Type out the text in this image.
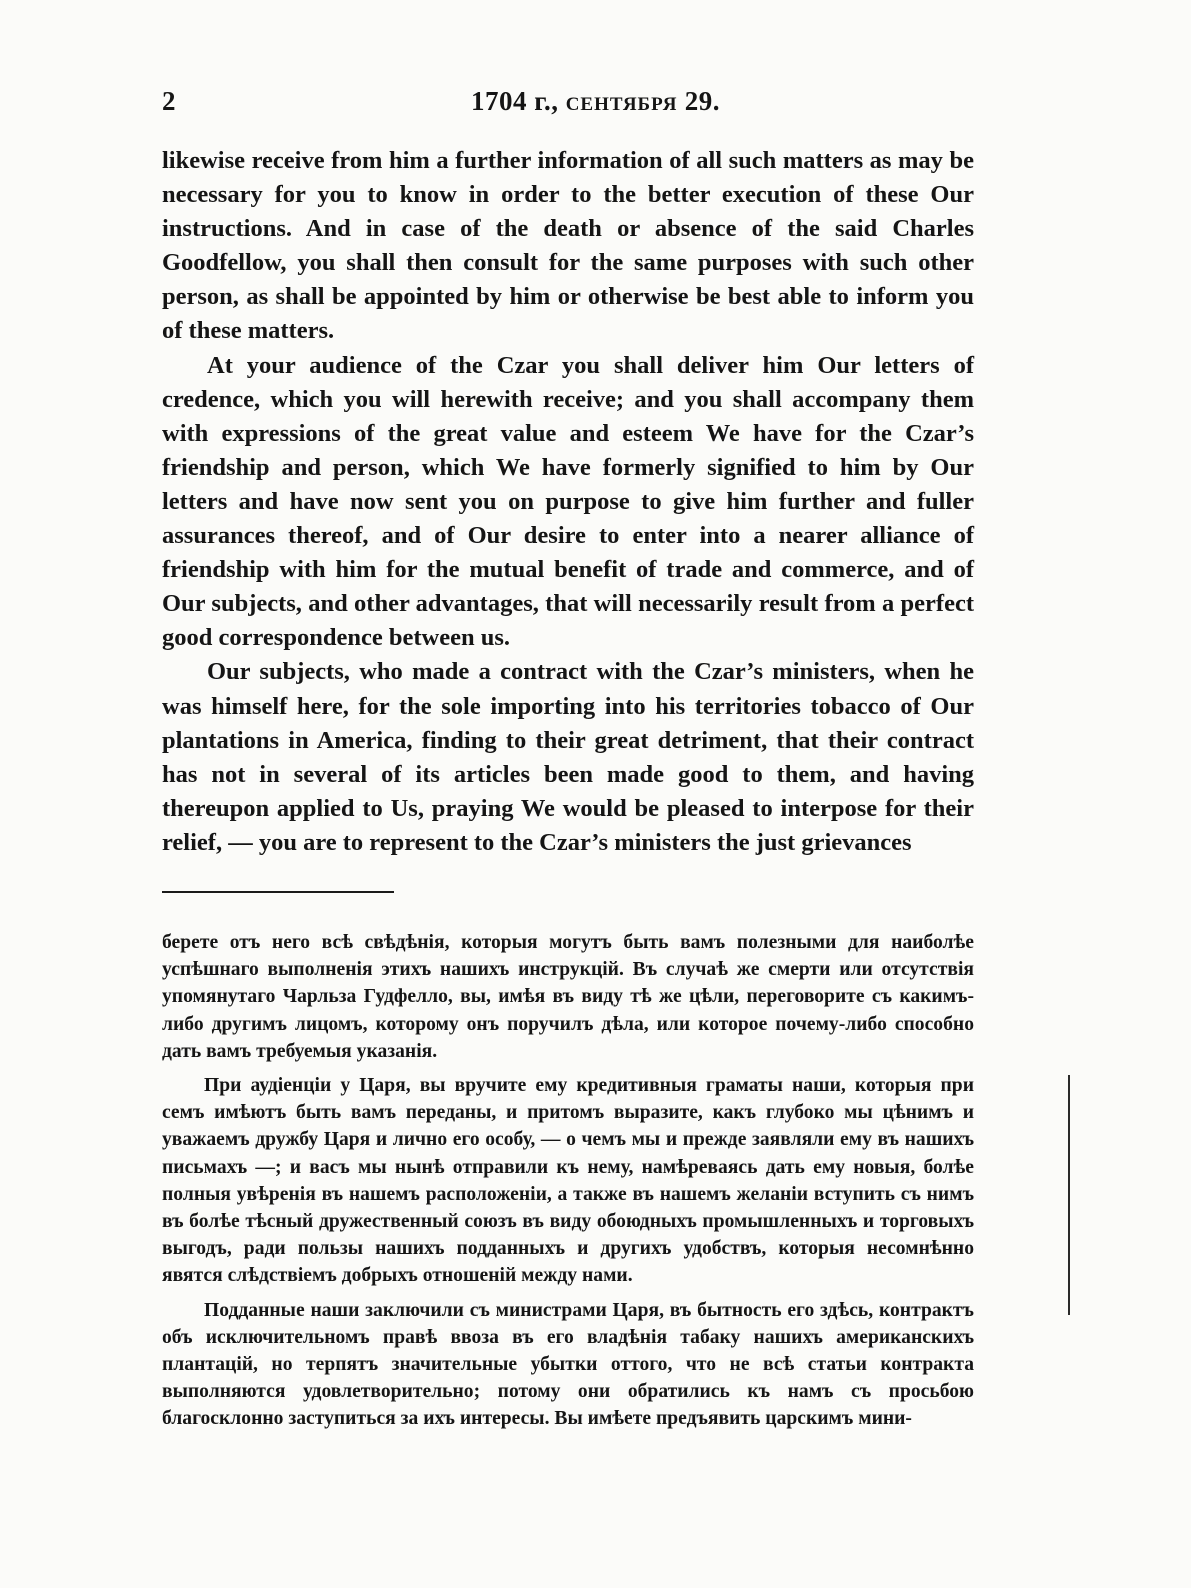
2	1704 г., сентября 29.

likewise receive from him a further information of all such matters as may be necessary for you to know in order to the better execution of these Our instructions. And in case of the death or absence of the said Charles Goodfellow, you shall then consult for the same purposes with such other person, as shall be appointed by him or otherwise be best able to inform you of these matters.

At your audience of the Czar you shall deliver him Our letters of credence, which you will herewith receive; and you shall accompany them with expressions of the great value and esteem We have for the Czar’s friendship and person, which We have formerly signified to him by Our letters and have now sent you on purpose to give him further and fuller assurances thereof, and of Our desire to enter into a nearer alliance of friendship with him for the mutual benefit of trade and commerce, and of Our subjects, and other advantages, that will necessarily result from a perfect good correspondence between us.

Our subjects, who made a contract with the Czar’s ministers, when he was himself here, for the sole importing into his territories tobacco of Our plantations in America, finding to their great detriment, that their contract has not in several of its articles been made good to them, and having thereupon applied to Us, praying We would be pleased to interpose for their relief, — you are to represent to the Czar’s ministers the just grievances

берете отъ него всѣ свѣдѣнія, которыя могутъ быть вамъ полезными для наиболѣе успѣшнаго выполненія этихъ нашихъ инструкцій. Въ случаѣ же смерти или отсутствія упомянутаго Чарльза Гудфелло, вы, имѣя въ виду тѣ же цѣли, переговорите съ какимъ-либо другимъ лицомъ, которому онъ поручилъ дѣла, или которое почему-либо способно дать вамъ требуемыя указанія.

При аудіенціи у Царя, вы вручите ему кредитивныя граматы наши, которыя при семъ имѣютъ быть вамъ переданы, и притомъ выразите, какъ глубоко мы цѣнимъ и уважаемъ дружбу Царя и лично его особу, — о чемъ мы и прежде заявляли ему въ нашихъ письмахъ —; и васъ мы нынѣ отправили къ нему, намѣреваясь дать ему новыя, болѣе полныя увѣренія въ нашемъ расположеніи, а также въ нашемъ желаніи вступить съ нимъ въ болѣе тѣсный дружественный союзъ въ виду обоюдныхъ промышленныхъ и торговыхъ выгодъ, ради пользы нашихъ подданныхъ и другихъ удобствъ, которыя несомнѣнно явятся слѣдствіемъ добрыхъ отношеній между нами.

Подданные наши заключили съ министрами Царя, въ бытность его здѣсь, контрактъ объ исключительномъ правѣ ввоза въ его владѣнія табаку нашихъ американскихъ плантацій, но терпятъ значительные убытки оттого, что не всѣ статьи контракта выполняются удовлетворительно; потому они обратились къ намъ съ просьбою благосклонно заступиться за ихъ интересы. Вы имѣете предъявить царскимъ мини-
